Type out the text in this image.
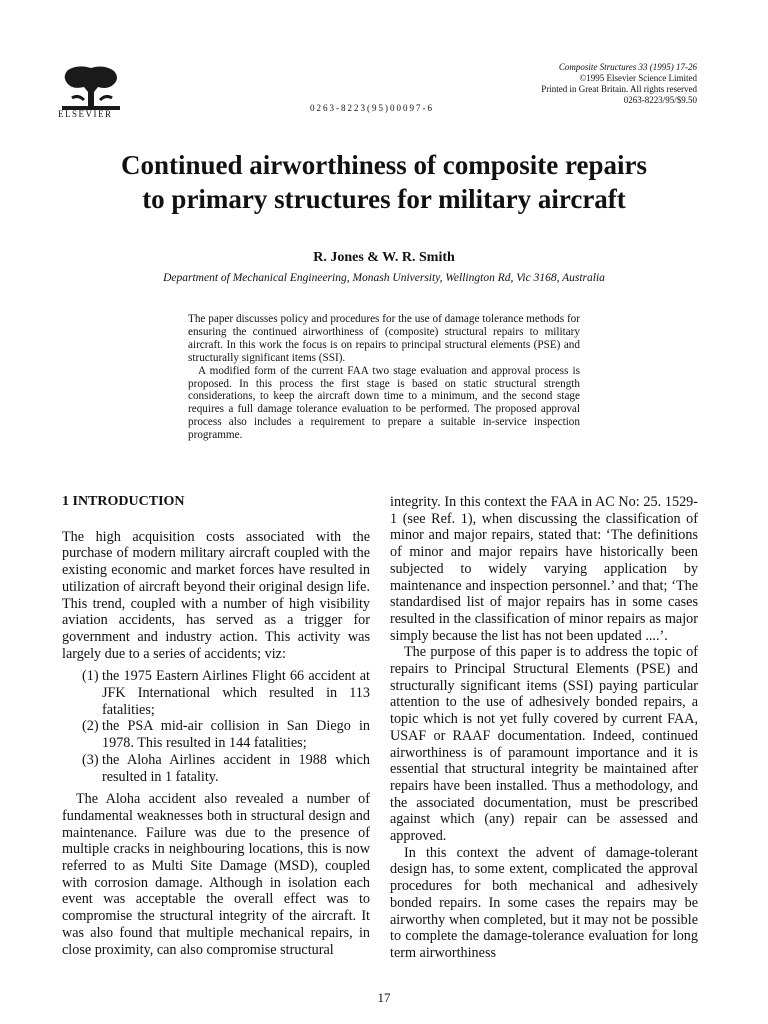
ELSEVIER
0263-8223(95)00097-6
Composite Structures 33 (1995) 17-26
©1995 Elsevier Science Limited
Printed in Great Britain. All rights reserved
0263-8223/95/$9.50
Continued airworthiness of composite repairs
to primary structures for military aircraft
R. Jones & W. R. Smith
Department of Mechanical Engineering, Monash University, Wellington Rd, Vic 3168, Australia

The paper discusses policy and procedures for the use of damage tolerance methods for ensuring the continued airworthiness of (composite) structural repairs to military aircraft. In this work the focus is on repairs to principal structural elements (PSE) and structurally significant items (SSI).

A modified form of the current FAA two stage evaluation and approval process is proposed. In this process the first stage is based on static structural strength considerations, to keep the aircraft down time to a minimum, and the second stage requires a full damage tolerance evaluation to be performed. The proposed approval process also includes a requirement to prepare a suitable in-service inspection programme.

1 INTRODUCTION

The high acquisition costs associated with the purchase of modern military aircraft coupled with the existing economic and market forces have resulted in utilization of aircraft beyond their original design life. This trend, coupled with a number of high visibility aviation accidents, has served as a trigger for government and industry action. This activity was largely due to a series of accidents; viz:

(1) the 1975 Eastern Airlines Flight 66 accident at JFK International which resulted in 113 fatalities;
(2) the PSA mid-air collision in San Diego in 1978. This resulted in 144 fatalities;
(3) the Aloha Airlines accident in 1988 which resulted in 1 fatality.

The Aloha accident also revealed a number of fundamental weaknesses both in structural design and maintenance. Failure was due to the presence of multiple cracks in neighbouring locations, this is now referred to as Multi Site Damage (MSD), coupled with corrosion damage. Although in isolation each event was acceptable the overall effect was to compromise the structural integrity of the aircraft. It was also found that multiple mechanical repairs, in close proximity, can also compromise structural

integrity. In this context the FAA in AC No: 25. 1529-1 (see Ref. 1), when discussing the classification of minor and major repairs, stated that: ‘The definitions of minor and major repairs have historically been subjected to widely varying application by maintenance and inspection personnel.’ and that; ‘The standardised list of major repairs has in some cases resulted in the classification of minor repairs as major simply because the list has not been updated ....’.

The purpose of this paper is to address the topic of repairs to Principal Structural Elements (PSE) and structurally significant items (SSI) paying particular attention to the use of adhesively bonded repairs, a topic which is not yet fully covered by current FAA, USAF or RAAF documentation. Indeed, continued airworthiness is of paramount importance and it is essential that structural integrity be maintained after repairs have been installed. Thus a methodology, and the associated documentation, must be prescribed against which (any) repair can be assessed and approved.

In this context the advent of damage-tolerant design has, to some extent, complicated the approval procedures for both mechanical and adhesively bonded repairs. In some cases the repairs may be airworthy when completed, but it may not be possible to complete the damage-tolerance evaluation for long term airworthiness

17
